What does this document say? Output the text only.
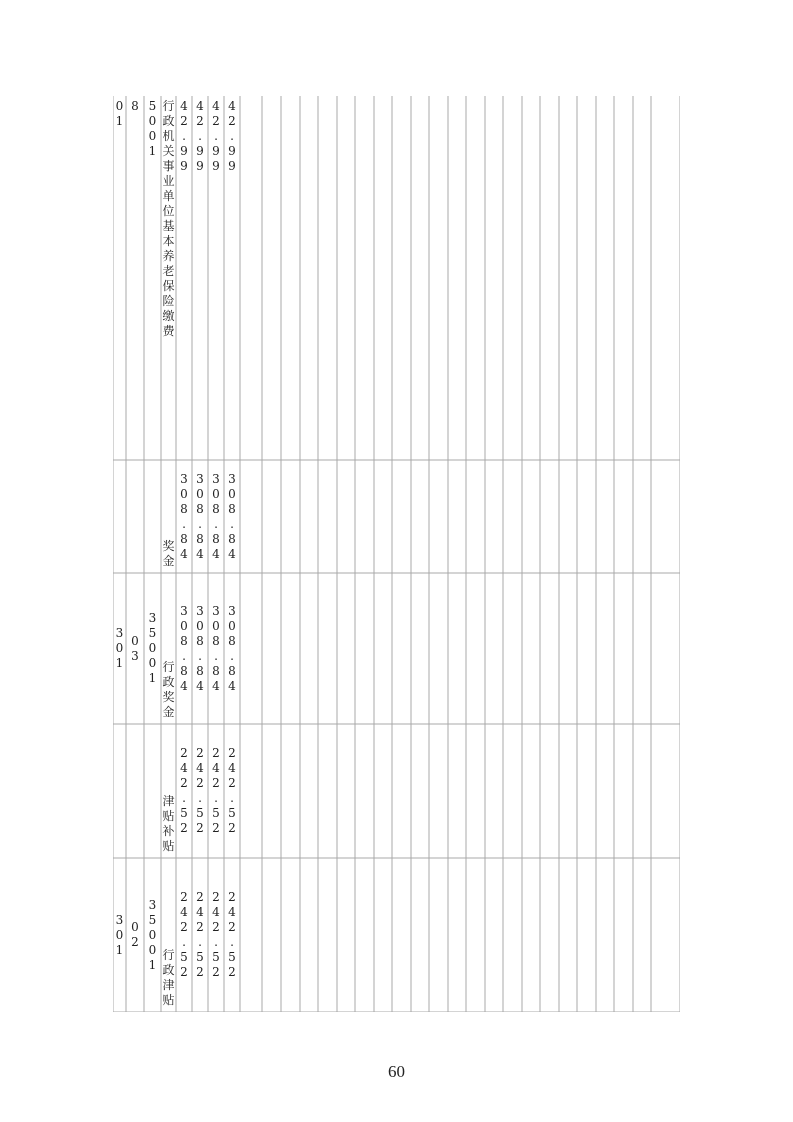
0
1
8 5
0
0
1
行
政
机
关
事
业
单
位
基
本
养
老
保
险
缴
费
4
2
.
9
9
4
2
.
9
9
4
2
.
9
9
4
2
.
9
9
奖
金
3
0
8
.
8
4
3
0
8
.
8
4
3
0
8
.
8
4
3
0
8
.
8
4
3
0
1
0
3
3
5
0
0
1
行
政
奖
金
3
0
8
.
8
4
3
0
8
.
8
4
3
0
8
.
8
4
3
0
8
.
8
4
津
贴
补
贴
2
4
2
.
5
2
2
4
2
.
5
2
2
4
2
.
5
2
2
4
2
.
5
2
3
0
1
0
2
3
5
0
0
1
行
政
津
贴
2
4
2
.
5
2
2
4
2
.
5
2
2
4
2
.
5
2
2
4
2
.
5
2
60
